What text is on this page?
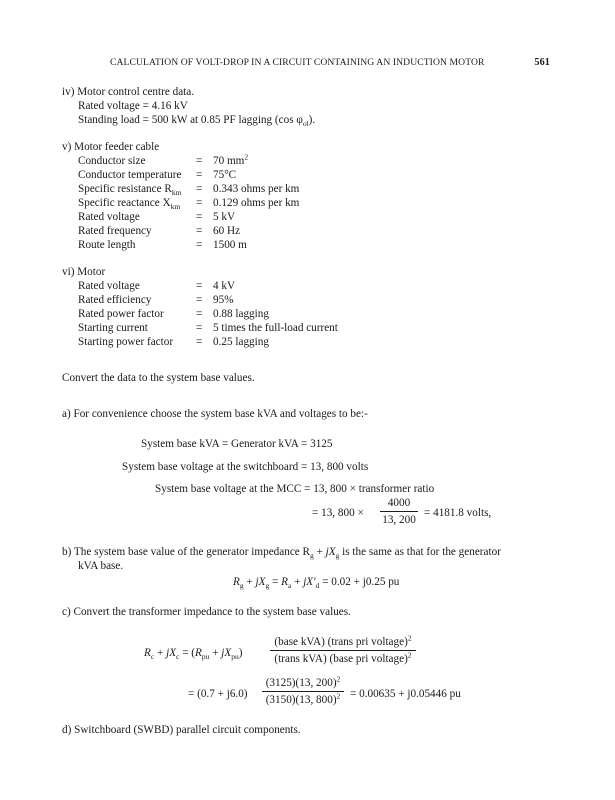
CALCULATION OF VOLT-DROP IN A CIRCUIT CONTAINING AN INDUCTION MOTOR	561
iv) Motor control centre data.
Rated voltage = 4.16 kV
Standing load = 500 kW at 0.85 PF lagging (cos $\varphi_{ol}$).
v) Motor feeder cable
Conductor size	= 70 $mm^2$
Conductor temperature = 75°C
Specific resistance $R_{km} = 0.343$ ohms per km
Specific reactance $X_{km} = 0.129$ ohms per km
Rated voltage	= 5 kV
Rated frequency	= 60 Hz
Route length	= 1500 m
vi) Motor
Rated voltage	= 4 kV
Rated efficiency	= 95%
Rated power factor	= 0.88 lagging
Starting current	= 5 times the full-load current
Starting power factor = 0.25 lagging
Convert the data to the system base values.
a) For convenience choose the system base kVA and voltages to be:-
System base kVA = Generator kVA = 3125
System base voltage at the switchboard = 13, 800 volts
System base voltage at the MCC = 13, 800 × transformer ratio
= 13, 800 ×
4000
13, 200
= 4181.8 volts,
b) The system base value of the generator impedance $R_g + jX_g$ is the same as that for the generator
kVA base.
$R_g + jX_g = R_a + jX'_d = 0.02 + j0.25$ pu
c) Convert the transformer impedance to the system base values.
$R_c + jX_c = (R_{pu} + jX_{pu})$
(base kVA) (trans pri voltage)$^2$
(trans kVA) (base pri voltage)$^2$
= (0.7 + j6.0)
(3125)(13, 200)$^2$
(3150)(13, 800)$^2$ = 0.00635 + j0.05446 pu
d) Switchboard (SWBD) parallel circuit components.
